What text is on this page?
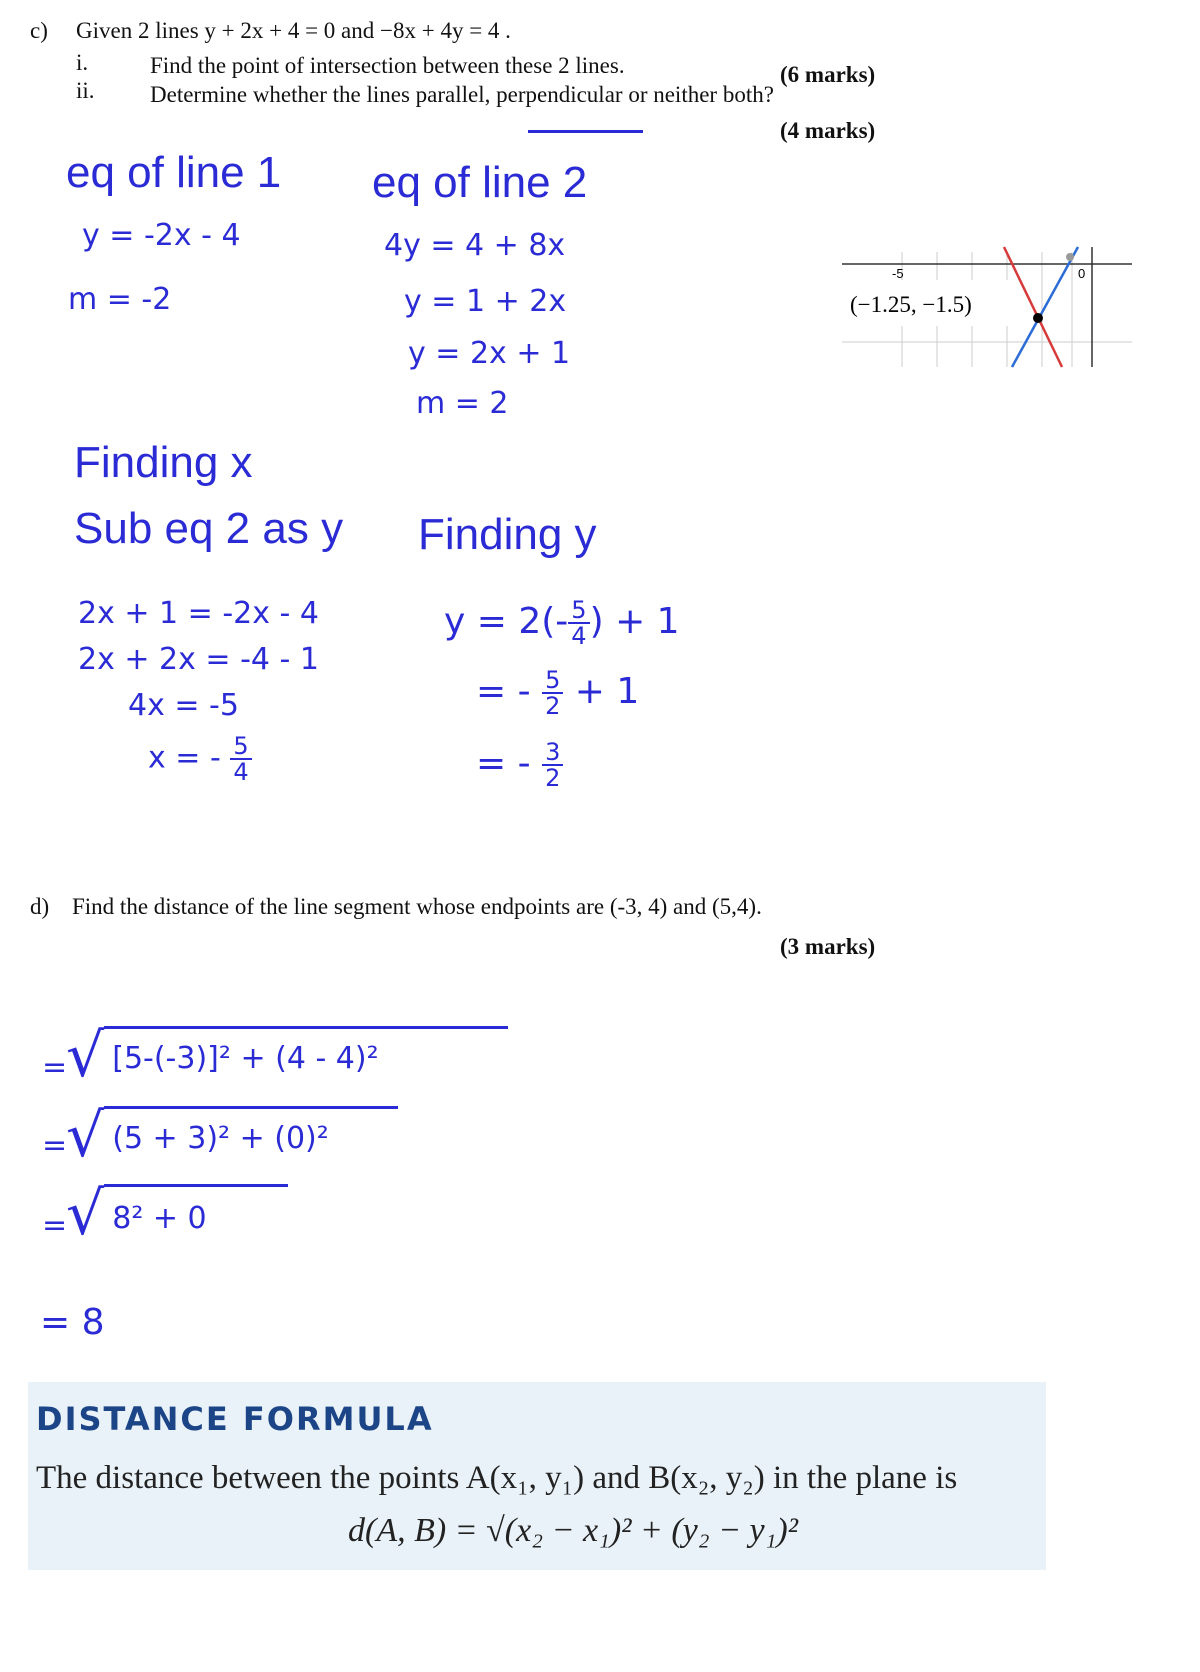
c) Given 2 lines y + 2x + 4 = 0 and −8x + 4y = 4 .
i.	Find the point of intersection between these 2 lines.	(6 marks)
ii. Determine whether the lines parallel, perpendicular or neither both?
(4 marks)
eq of line 1
y = -2x - 4
m = -2
eq of line 2
4y = 4 + 8x
y = 1 + 2x
y = 2x + 1
m = 2
-5	0
(−1.25, −1.5)
Finding x
Sub eq 2 as y
2x + 1 = -2x - 4
2x + 2x = -4 - 1
4x = -5
x = - $\frac{5}{4}$
Finding y
$y = 2(- \frac{5}{4}$ ) + 1
= - $\frac{5}{2} + 1$
= - $\frac{3}{2}$
d) Find the distance of the line segment whose endpoints are (-3, 4) and (5,4).
(3 marks)
=
√ [5-(-3)]² + (4 - 4)²
=
√ (5 + 3)² + (0)²
=
√ 8² + 0
= 8
DISTANCE FORMULA
The distance between the points A(x₁, y₁) and B(x₂, y₂) in the plane is
d(A, B) = √(x₂ − x₁)² + (y₂ − y₁)²
